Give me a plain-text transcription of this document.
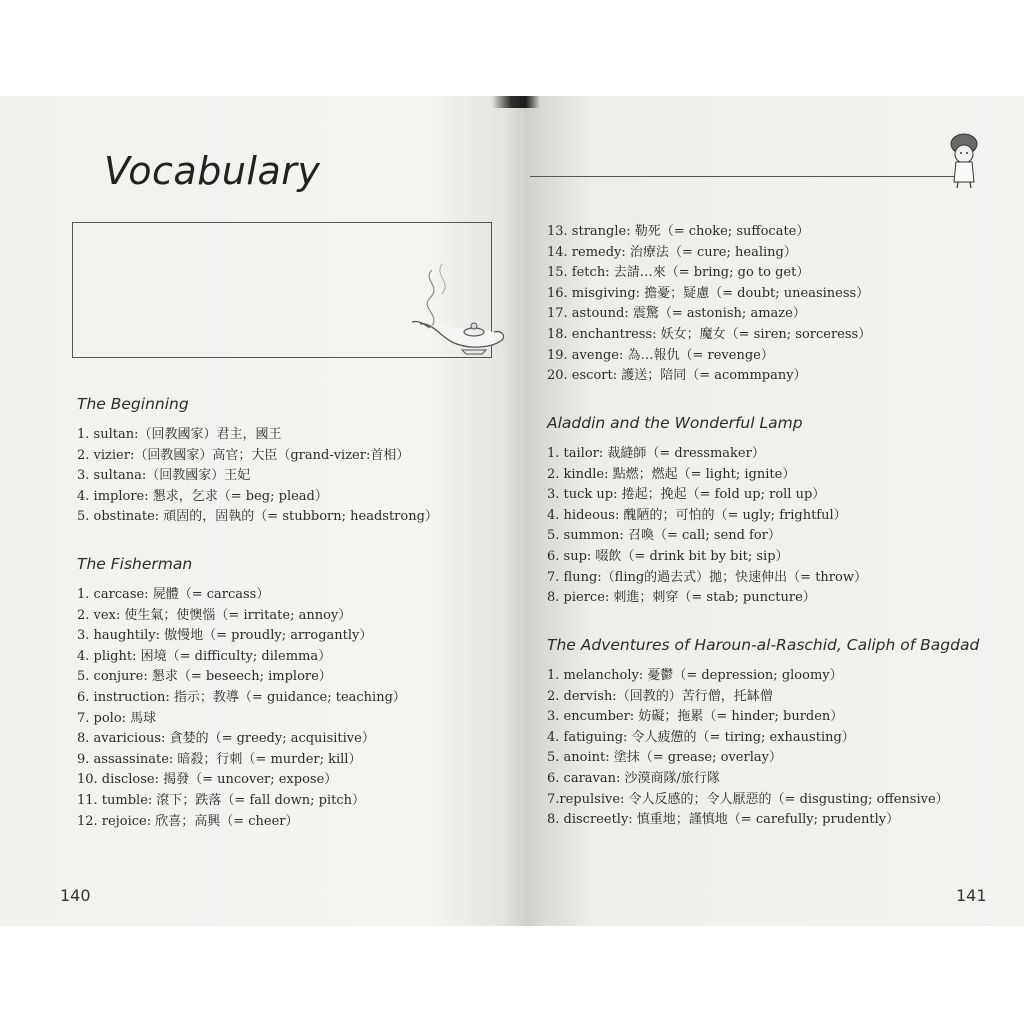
Vocabulary
The Beginning
1. sultan:（回教國家）君主，國王
2. vizier:（回教國家）高官；大臣（grand-vizer:首相）
3. sultana:（回教國家）王妃
4. implore: 懇求，乞求（= beg; plead）
5. obstinate: 頑固的，固執的（= stubborn; headstrong）
The Fisherman
1. carcase: 屍體（= carcass）
2. vex: 使生氣；使懊惱（= irritate; annoy）
3. haughtily: 傲慢地（= proudly; arrogantly）
4. plight: 困境（= difficulty; dilemma）
5. conjure: 懇求（= beseech; implore）
6. instruction: 指示；教導（= guidance; teaching）
7. polo: 馬球
8. avaricious: 貪婪的（= greedy; acquisitive）
9. assassinate: 暗殺；行刺（= murder; kill）
10. disclose: 揭發（= uncover; expose）
11. tumble: 滾下；跌落（= fall down; pitch）
12. rejoice: 欣喜；高興（= cheer）
140
13. strangle: 勒死（= choke; suffocate）
14. remedy: 治療法（= cure; healing）
15. fetch: 去請…來（= bring; go to get）
16. misgiving: 擔憂；疑慮（= doubt; uneasiness）
17. astound: 震驚（= astonish; amaze）
18. enchantress: 妖女；魔女（= siren; sorceress）
19. avenge: 為…報仇（= revenge）
20. escort: 護送；陪同（= acommpany）
Aladdin and the Wonderful Lamp
1. tailor: 裁縫師（= dressmaker）
2. kindle: 點燃；燃起（= light; ignite）
3. tuck up: 捲起；挽起（= fold up; roll up）
4. hideous: 醜陋的；可怕的（= ugly; frightful）
5. summon: 召喚（= call; send for）
6. sup: 啜飲（= drink bit by bit; sip）
7. flung:（fling的過去式）拋；快速伸出（= throw）
8. pierce: 刺進；刺穿（= stab; puncture）
The Adventures of Haroun-al-Raschid, Caliph of Bagdad
1. melancholy: 憂鬱（= depression; gloomy）
2. dervish:（回教的）苦行僧，托缽僧
3. encumber: 妨礙；拖累（= hinder; burden）
4. fatiguing: 令人疲憊的（= tiring; exhausting）
5. anoint: 塗抹（= grease; overlay）
6. caravan: 沙漠商隊/旅行隊
7.repulsive: 令人反感的；令人厭惡的（= disgusting; offensive）
8. discreetly: 慎重地；謹慎地（= carefully; prudently）
141
